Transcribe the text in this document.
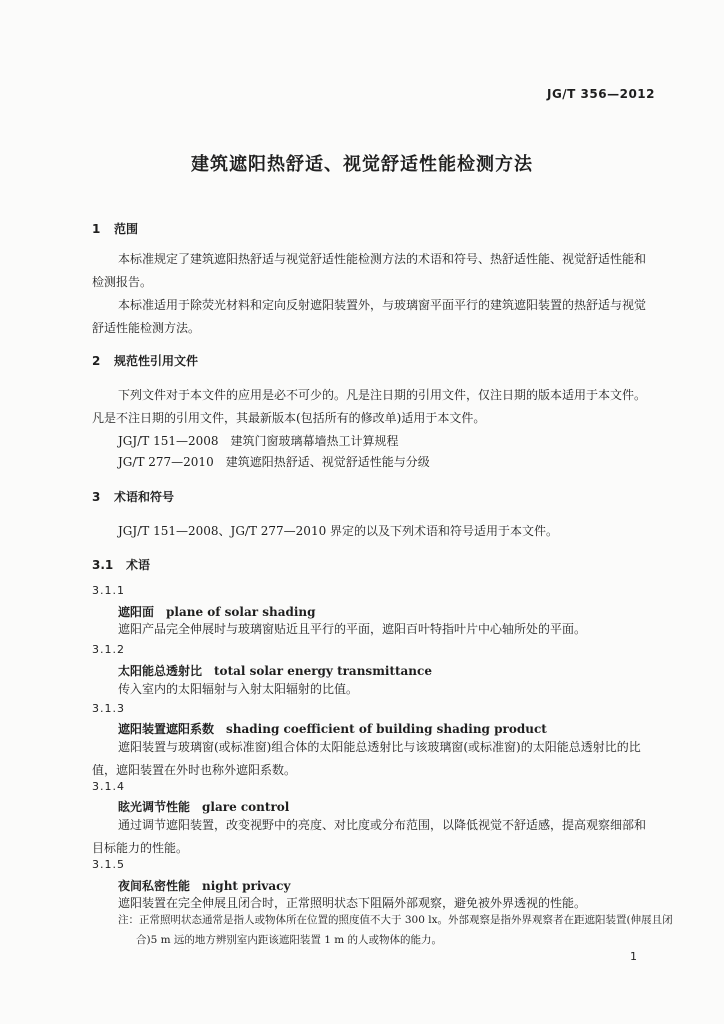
JG/T 356—2012
建筑遮阳热舒适、视觉舒适性能检测方法
1 范围
本标准规定了建筑遮阳热舒适与视觉舒适性能检测方法的术语和符号、热舒适性能、视觉舒适性能和检测报告。
本标准适用于除荧光材料和定向反射遮阳装置外，与玻璃窗平面平行的建筑遮阳装置的热舒适与视觉舒适性能检测方法。
2 规范性引用文件
下列文件对于本文件的应用是必不可少的。凡是注日期的引用文件，仅注日期的版本适用于本文件。凡是不注日期的引用文件，其最新版本(包括所有的修改单)适用于本文件。
JGJ/T 151—2008　建筑门窗玻璃幕墙热工计算规程
JG/T 277—2010　建筑遮阳热舒适、视觉舒适性能与分级
3 术语和符号
JGJ/T 151—2008、JG/T 277—2010 界定的以及下列术语和符号适用于本文件。
3.1 术语
3.1.1
遮阳面 plane of solar shading
遮阳产品完全伸展时与玻璃窗贴近且平行的平面，遮阳百叶特指叶片中心轴所处的平面。
3.1.2
太阳能总透射比 total solar energy transmittance
传入室内的太阳辐射与入射太阳辐射的比值。
3.1.3
遮阳装置遮阳系数 shading coefficient of building shading product
遮阳装置与玻璃窗(或标准窗)组合体的太阳能总透射比与该玻璃窗(或标准窗)的太阳能总透射比的比值，遮阳装置在外时也称外遮阳系数。
3.1.4
眩光调节性能 glare control
通过调节遮阳装置，改变视野中的亮度、对比度或分布范围，以降低视觉不舒适感，提高观察细部和目标能力的性能。
3.1.5
夜间私密性能 night privacy
遮阳装置在完全伸展且闭合时，正常照明状态下阻隔外部观察，避免被外界透视的性能。
注：正常照明状态通常是指人或物体所在位置的照度值不大于 300 lx。外部观察是指外界观察者在距遮阳装置(伸展且闭合)5 m 远的地方辨别室内距该遮阳装置 1 m 的人或物体的能力。
1
